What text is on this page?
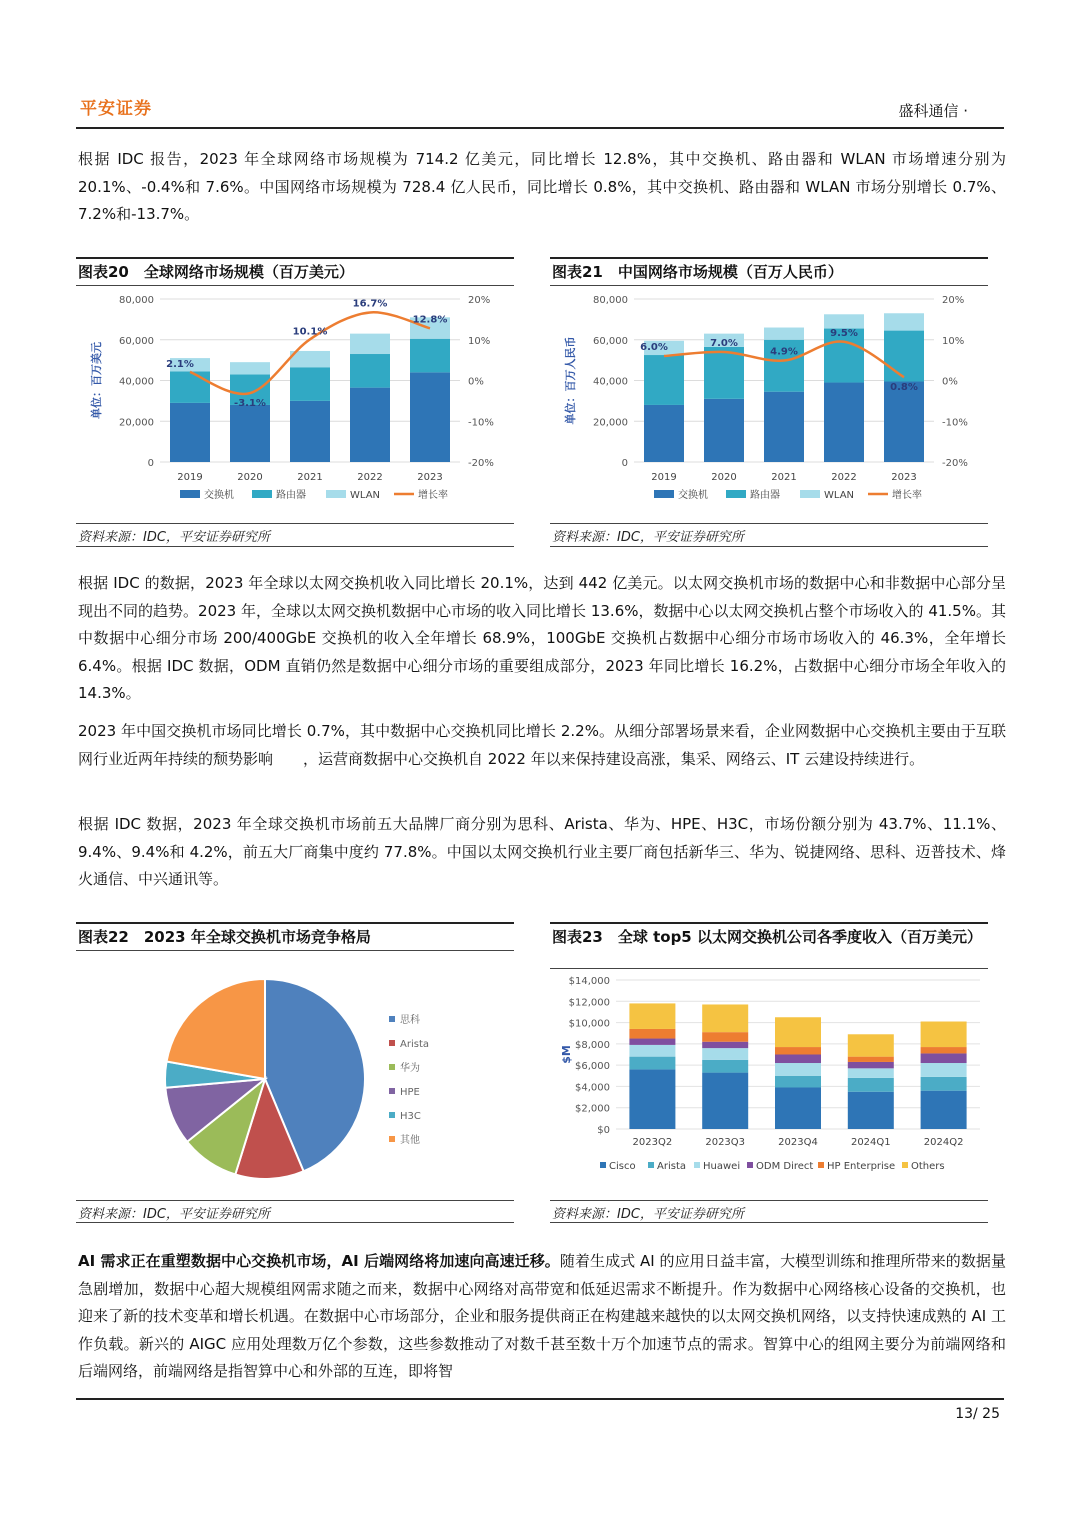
平安证券	盛科通信 ·
根据 IDC 报告，2023 年全球网络市场规模为 714.2 亿美元，同比增长 12.8%，其中交换机、路由器和 WLAN 市场增速分别为 20.1%、-0.4%和 7.6%。中国网络市场规模为 728.4 亿人民币，同比增长 0.8%，其中交换机、路由器和 WLAN 市场分别增长 0.7%、7.2%和-13.7%。
图表20　全球网络市场规模（百万美元）
0
20,000
40,000
60,000
80,000
-20%
-10%
0%
10%
20%
单位：百万美元
2019	2020	2021	2022	2023
2.1%
-3.1%
10.1%
16.7%
12.8%
交换机	路由器	WLAN	增长率
资料来源：IDC，平安证券研究所
图表21　中国网络市场规模（百万人民币）
0
20,000
40,000
60,000
80,000
-20%
-10%
0%
10%
20%
单位：百万人民币
2019	2020	2021	2022	2023
6.0%	7.0%
4.9%
9.5%
0.8%
交换机	路由器	WLAN	增长率
资料来源：IDC，平安证券研究所
根据 IDC 的数据，2023 年全球以太网交换机收入同比增长 20.1%，达到 442 亿美元。以太网交换机市场的数据中心和非数据中心部分呈现出不同的趋势。2023 年，全球以太网交换机数据中心市场的收入同比增长 13.6%，数据中心以太网交换机占整个市场收入的 41.5%。其中数据中心细分市场 200/400GbE 交换机的收入全年增长 68.9%，100GbE 交换机占数据中心细分市场市场收入的 46.3%，全年增长 6.4%。根据 IDC 数据，ODM 直销仍然是数据中心细分市场的重要组成部分，2023 年同比增长 16.2%，占数据中心细分市场全年收入的 14.3%。
2023 年中国交换机市场同比增长 0.7%，其中数据中心交换机同比增长 2.2%。从细分部署场景来看，企业网数据中心交换机主要由于互联网行业近两年持续的颓势影响　　，运营商数据中心交换机自 2022 年以来保持建设高涨，集采、网络云、IT 云建设持续进行。
根据 IDC 数据，2023 年全球交换机市场前五大品牌厂商分别为思科、Arista、华为、HPE、H3C，市场份额分别为 43.7%、11.1%、9.4%、9.4%和 4.2%，前五大厂商集中度约 77.8%。中国以太网交换机行业主要厂商包括新华三、华为、锐捷网络、思科、迈普技术、烽火通信、中兴通讯等。
图表22　2023 年全球交换机市场竞争格局
思科
Arista
华为
HPE
H3C
其他
资料来源：IDC，平安证券研究所
图表23　全球 top5 以太网交换机公司各季度收入（百万美元）
$0
$2,000
$4,000
$6,000
$8,000
$10,000
$12,000
$14,000
$M
2023Q2	2023Q3	2023Q4	2024Q1	2024Q2
Cisco Arista Huawei ODM Direct HP Enterprise Others
资料来源：IDC，平安证券研究所
AI 需求正在重塑数据中心交换机市场，AI 后端网络将加速向高速迁移。随着生成式 AI 的应用日益丰富，大模型训练和推理所带来的数据量急剧增加，数据中心超大规模组网需求随之而来，数据中心网络对高带宽和低延迟需求不断提升。作为数据中心网络核心设备的交换机，也迎来了新的技术变革和增长机遇。在数据中心市场部分，企业和服务提供商正在构建越来越快的以太网交换机网络，以支持快速成熟的 AI 工作负载。新兴的 AIGC 应用处理数万亿个参数，这些参数推动了对数千甚至数十万个加速节点的需求。智算中心的组网主要分为前端网络和后端网络，前端网络是指智算中心和外部的互连，即将智
13/ 25
